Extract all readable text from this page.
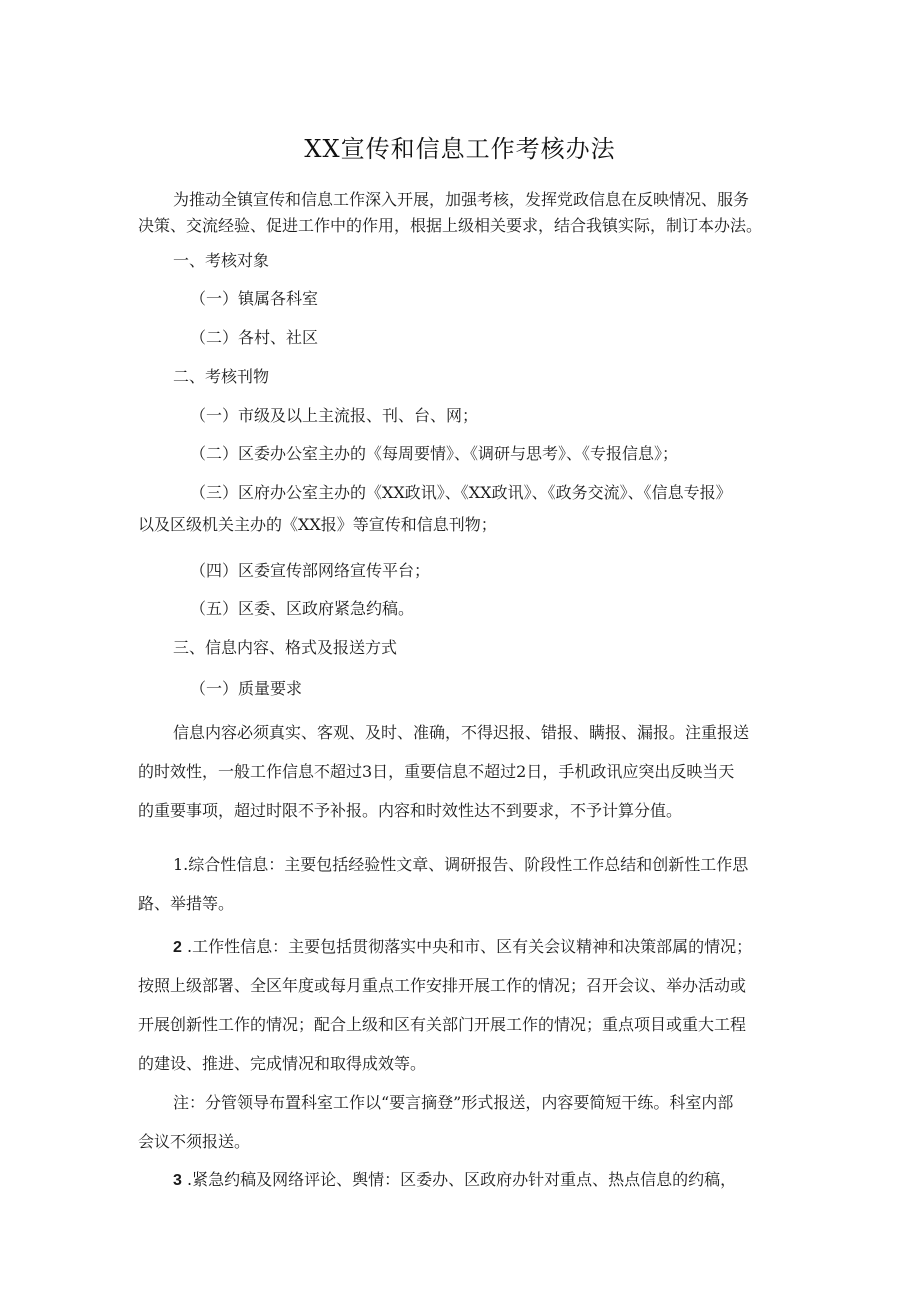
XX宣传和信息工作考核办法
为推动全镇宣传和信息工作深入开展，加强考核，发挥党政信息在反映情况、服务
决策、交流经验、促进工作中的作用，根据上级相关要求，结合我镇实际，制订本办法。
一、考核对象
（一）镇属各科室
（二）各村、社区
二、考核刊物
（一）市级及以上主流报、刊、台、网；
（二）区委办公室主办的《每周要情》、《调研与思考》、《专报信息》；
（三）区府办公室主办的《XX政讯》、《XX政讯》、《政务交流》、《信息专报》
以及区级机关主办的《XX报》等宣传和信息刊物；
（四）区委宣传部网络宣传平台；
（五）区委、区政府紧急约稿。
三、信息内容、格式及报送方式
（一）质量要求
信息内容必须真实、客观、及时、准确，不得迟报、错报、瞒报、漏报。注重报送
的时效性，一般工作信息不超过3日，重要信息不超过2日，手机政讯应突出反映当天
的重要事项，超过时限不予补报。内容和时效性达不到要求，不予计算分值。
1.综合性信息：主要包括经验性文章、调研报告、阶段性工作总结和创新性工作思
路、举措等。
2 .工作性信息：主要包括贯彻落实中央和市、区有关会议精神和决策部属的情况；
按照上级部署、全区年度或每月重点工作安排开展工作的情况；召开会议、举办活动或
开展创新性工作的情况；配合上级和区有关部门开展工作的情况；重点项目或重大工程
的建设、推进、完成情况和取得成效等。
注：分管领导布置科室工作以“要言摘登”形式报送，内容要简短干练。科室内部
会议不须报送。
3 .紧急约稿及网络评论、舆情：区委办、区政府办针对重点、热点信息的约稿，
